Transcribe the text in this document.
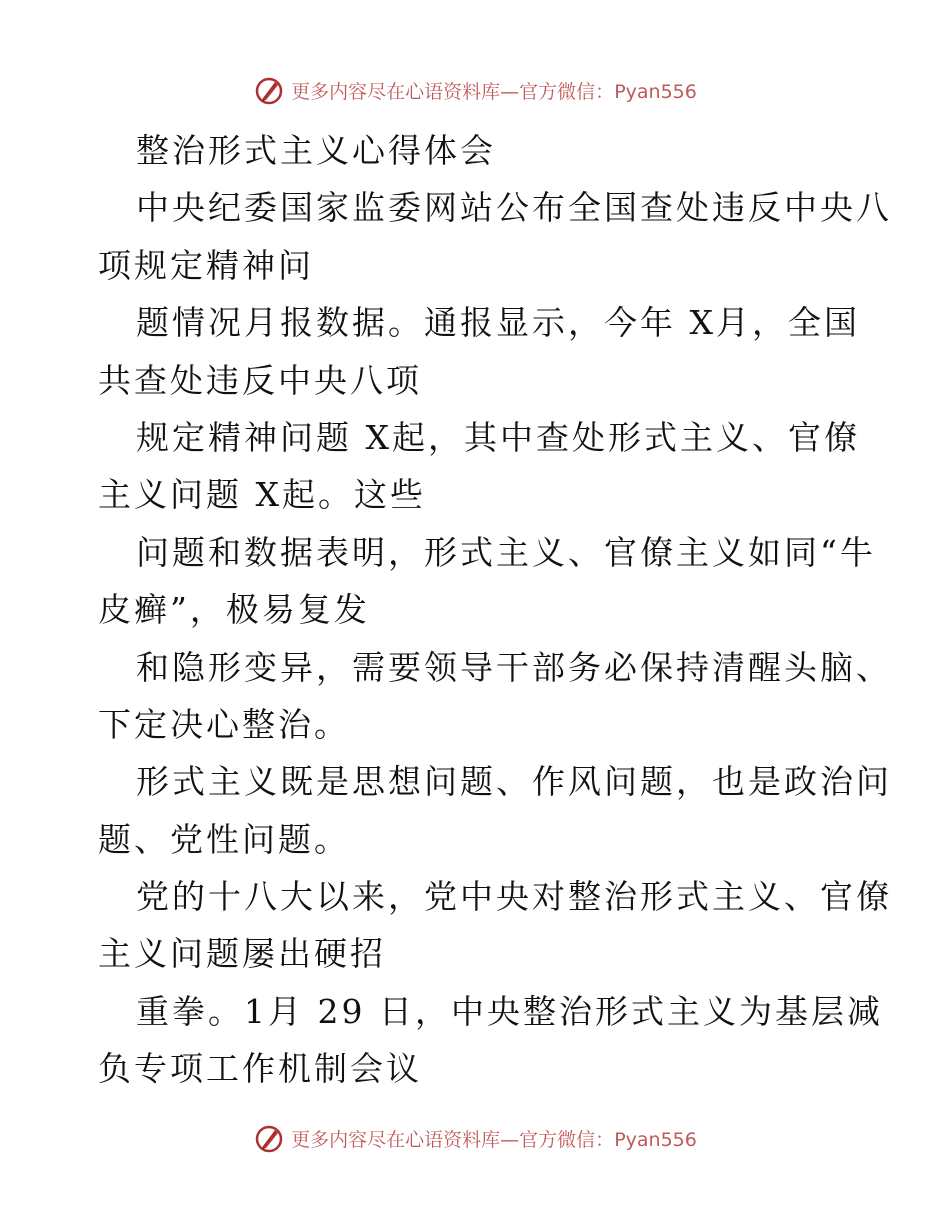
更多内容尽在心语资料库—官方微信：Pyan556
整治形式主义心得体会
中央纪委国家监委网站公布全国查处违反中央八
项规定精神问
题情况月报数据。通报显示，今年 X月，全国
共查处违反中央八项
规定精神问题 X起，其中查处形式主义、官僚
主义问题 X起。这些
问题和数据表明，形式主义、官僚主义如同“牛
皮癣”，极易复发
和隐形变异，需要领导干部务必保持清醒头脑、
下定决心整治。
形式主义既是思想问题、作风问题，也是政治问
题、党性问题。
党的十八大以来，党中央对整治形式主义、官僚
主义问题屡出硬招
重拳。1月 29 日，中央整治形式主义为基层减
负专项工作机制会议
更多内容尽在心语资料库—官方微信：Pyan556
